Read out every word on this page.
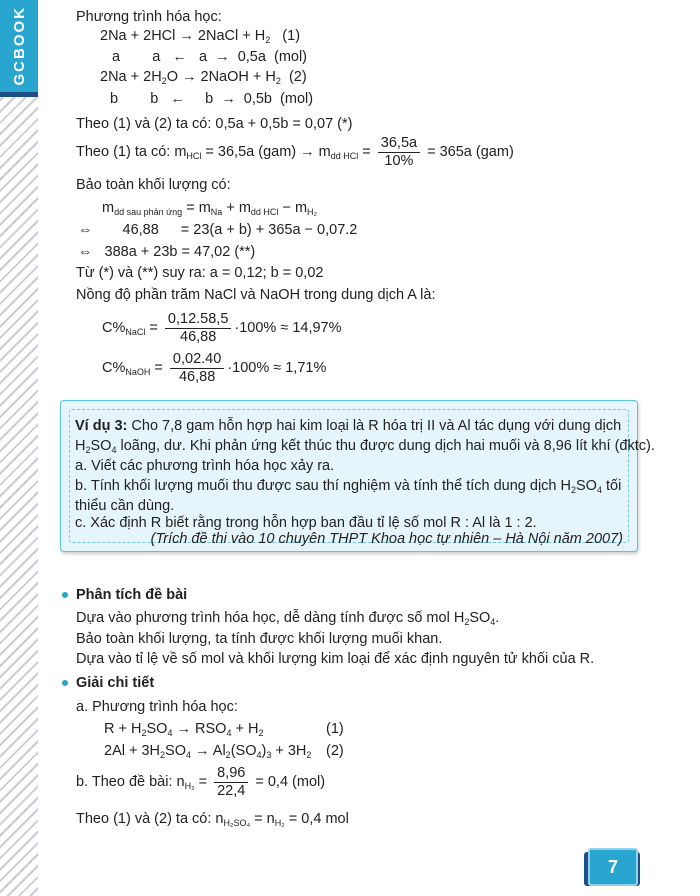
GCBOOK	Phương trình hóa học:
2Na + 2HCl → 2NaCl + $H_2$   (1)
a        a   ←   a  →  0,5a  (mol)
$2Na + 2H_2O$ → 2NaOH + $H_2$  (2)
b        b   ←     b  →  0,5b  (mol)
Theo (1) và (2) ta có: 0,5a + 0,5b = 0,07 (*)
Theo (1) ta có: $m_{HCl} = 36,5a$ $(gam) \to m_{dd HCl} = \frac{36,5a}{10\%} = 365a$ (gam)
Bảo toàn khối lượng có:
$m_{dd sau phản ứng} = m_{Na} + m_{dd HCl} - m_{H_2}$
⇔ 46,88 = 23(a + b) + 365a − 0,07.2
⇔ 388a + 23b = 47,02 (**)
Từ (*) và (**) suy ra: a = 0,12; b = 0,02
Nồng độ phần trăm NaCl và NaOH trong dung dịch A là:
$C\%_{NaCl} = \frac{0,12.58,5}{46,88} \cdot 100\% \approx 14,97\%$
$C\%_{NaOH} = \frac{0,02.40}{46,88} \cdot 100\% \approx 1,71\%$
Ví dụ 3: Cho 7,8 gam hỗn hợp hai kim loại là R hóa trị II và Al tác dụng với dung dịch
$H_2SO_4$ loãng, dư. Khi phản ứng kết thúc thu được dung dịch hai muối và 8,96 lít khí (đktc).
a. Viết các phương trình hóa học xảy ra.
b. Tính khối lượng muối thu được sau thí nghiệm và tính thể tích dung dịch $H_2SO_4$ tối
thiểu cần dùng.
c. Xác định R biết rằng trong hỗn hợp ban đầu tỉ lệ số mol R : Al là 1 : 2.
(Trích đề thi vào 10 chuyên THPT Khoa học tự nhiên – Hà Nội năm 2007)
Phân tích đề bài
Dựa vào phương trình hóa học, dễ dàng tính được số mol $H_2SO_4$.
Bảo toàn khối lượng, ta tính được khối lượng muối khan.
Dựa vào tỉ lệ về số mol và khối lượng kim loại để xác định nguyên tử khối của R.
Giải chi tiết
a. Phương trình hóa học:
$R + H_2SO_4 \to RSO_4 + H_2$	(1)
$2Al + 3H_2SO_4 \to Al_2(SO_4)_3 + 3H_2$ (2)
b. Theo đề bài: $n_{H_2} = \frac{8,96}{22,4} = 0,4$ (mol)
Theo (1) và (2) ta có: $n_{H_2SO_4} = n_{H_2} = 0,4$ mol
7
